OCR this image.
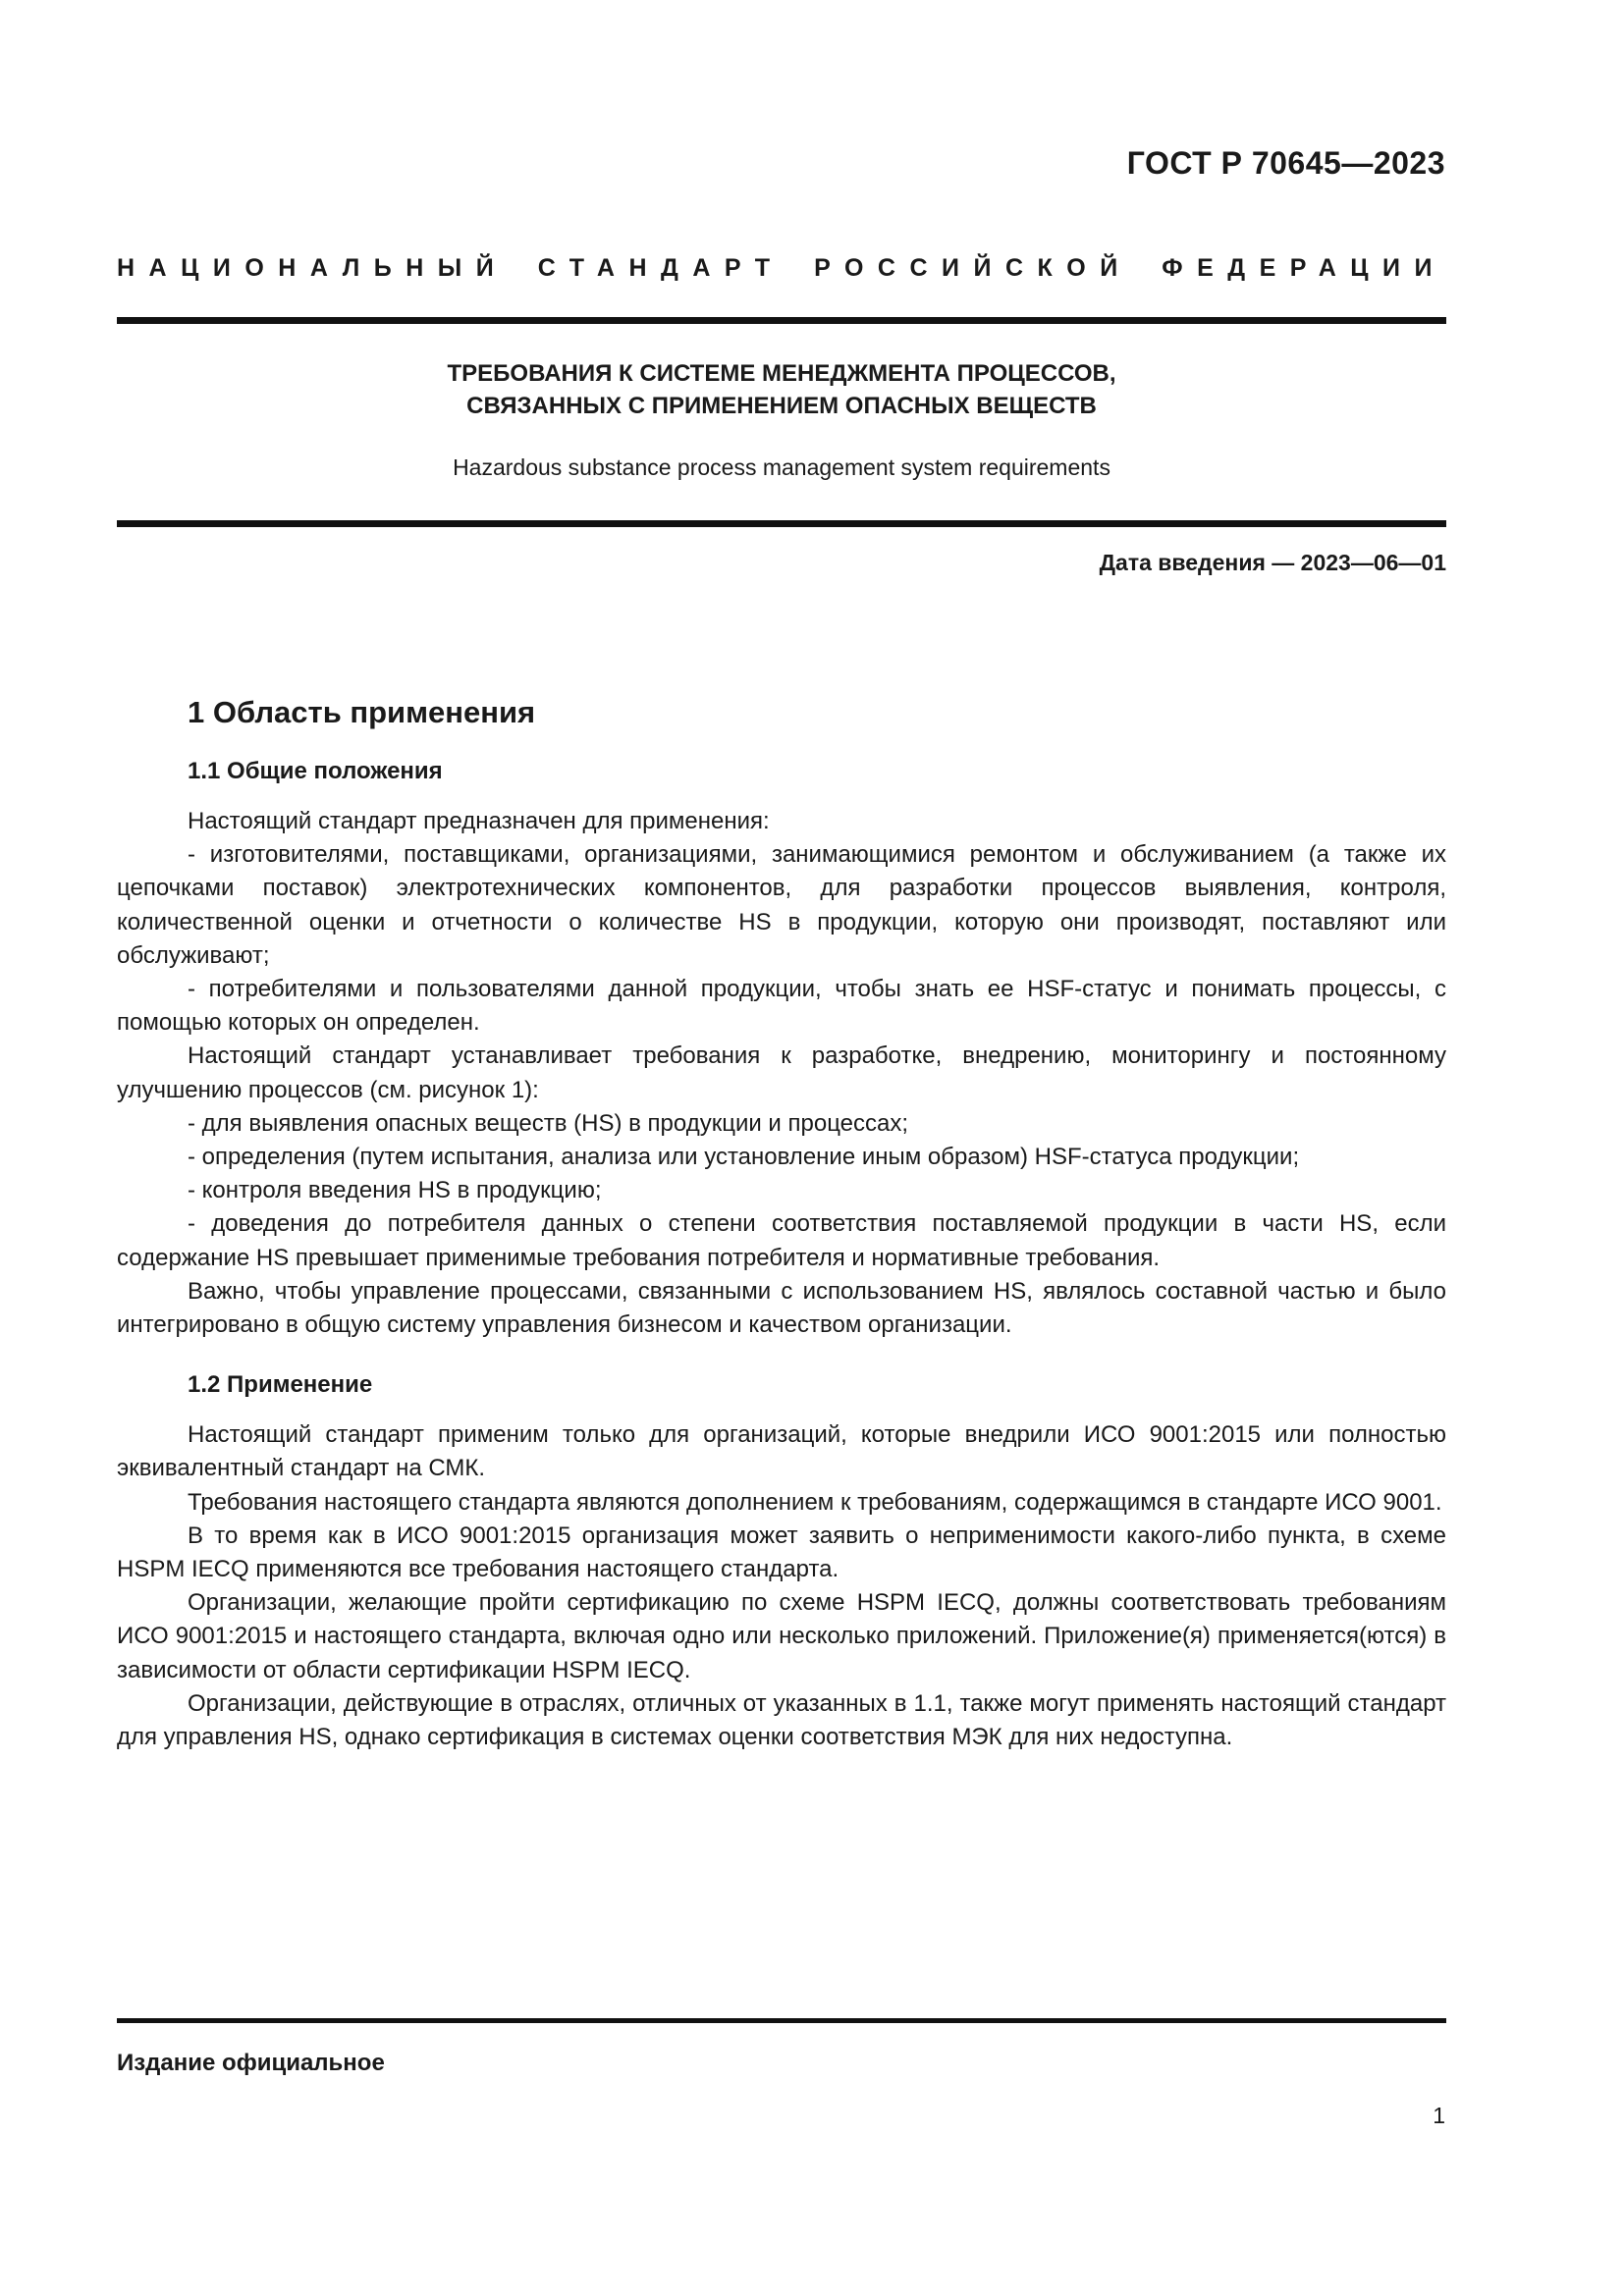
ГОСТ Р 70645—2023
НАЦИОНАЛЬНЫЙ СТАНДАРТ РОССИЙСКОЙ ФЕДЕРАЦИИ
ТРЕБОВАНИЯ К СИСТЕМЕ МЕНЕДЖМЕНТА ПРОЦЕССОВ,
СВЯЗАННЫХ С ПРИМЕНЕНИЕМ ОПАСНЫХ ВЕЩЕСТВ
Hazardous substance process management system requirements
Дата введения — 2023—06—01
1 Область применения
1.1 Общие положения

Настоящий стандарт предназначен для применения:

- изготовителями, поставщиками, организациями, занимающимися ремонтом и обслуживанием (а также их цепочками поставок) электротехнических компонентов, для разработки процессов выявления, контроля, количественной оценки и отчетности о количестве HS в продукции, которую они производят, поставляют или обслуживают;

- потребителями и пользователями данной продукции, чтобы знать ее HSF-статус и понимать процессы, с помощью которых он определен.

Настоящий стандарт устанавливает требования к разработке, внедрению, мониторингу и постоянному улучшению процессов (см. рисунок 1):

- для выявления опасных веществ (HS) в продукции и процессах;

- определения (путем испытания, анализа или установление иным образом) HSF-статуса продукции;

- контроля введения HS в продукцию;

- доведения до потребителя данных о степени соответствия поставляемой продукции в части HS, если содержание HS превышает применимые требования потребителя и нормативные требования.

Важно, чтобы управление процессами, связанными с использованием HS, являлось составной частью и было интегрировано в общую систему управления бизнесом и качеством организации.

1.2 Применение

Настоящий стандарт применим только для организаций, которые внедрили ИСО 9001:2015 или полностью эквивалентный стандарт на СМК.

Требования настоящего стандарта являются дополнением к требованиям, содержащимся в стандарте ИСО 9001.

В то время как в ИСО 9001:2015 организация может заявить о неприменимости какого-либо пункта, в схеме HSPM IECQ применяются все требования настоящего стандарта.

Организации, желающие пройти сертификацию по схеме HSPM IECQ, должны соответствовать требованиям ИСО 9001:2015 и настоящего стандарта, включая одно или несколько приложений. Приложение(я) применяется(ются) в зависимости от области сертификации HSPM IECQ.

Организации, действующие в отраслях, отличных от указанных в 1.1, также могут применять настоящий стандарт для управления HS, однако сертификация в системах оценки соответствия МЭК для них недоступна.

Издание официальное
1
